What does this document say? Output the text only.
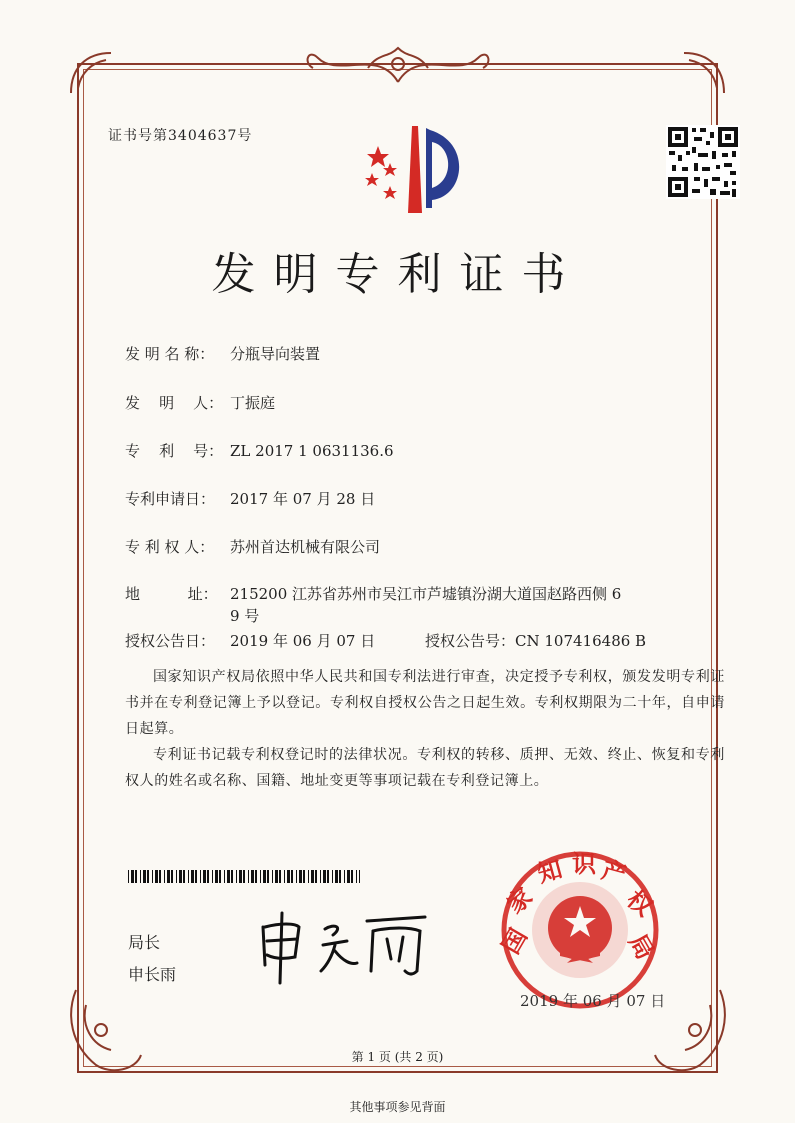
证书号第3404637号
发明专利证书
发 明 名 称： 分瓶导向装置
发    明    人： 丁振庭
专    利    号： ZL 2017 1 0631136.6
专利申请日： 2017 年 07 月 28 日
专 利 权 人： 苏州首达机械有限公司
地          址： 215200 江苏省苏州市吴江市芦墟镇汾湖大道国赵路西侧 6
9 号
授权公告日： 2019 年 06 月 07 日	授权公告号：CN 107416486 B
国家知识产权局依照中华人民共和国专利法进行审查，决定授予专利权，颁发发明专利证书并在专利登记簿上予以登记。专利权自授权公告之日起生效。专利权期限为二十年，自申请日起算。
专利证书记载专利权登记时的法律状况。专利权的转移、质押、无效、终止、恢复和专利权人的姓名或名称、国籍、地址变更等事项记载在专利登记簿上。
局长
申长雨
国
家
知 识 产
权
局
2019 年 06 月 07 日
第 1 页 (共 2 页)
其他事项参见背面
